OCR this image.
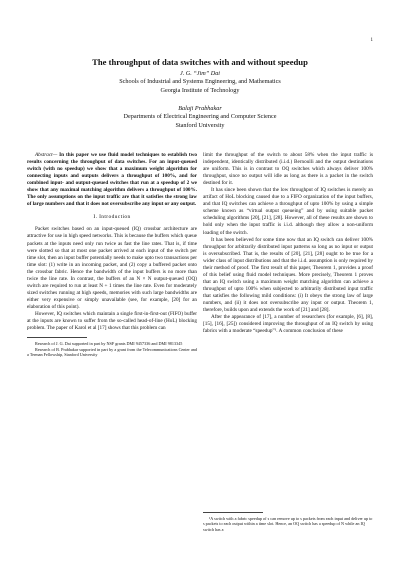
1
The throughput of data switches with and without speedup
J. G. “Jim” Dai
Schools of Industrial and Systems Engineering, and Mathematics
Georgia Institute of Technology
Balaji Prabhakar
Departments of Electrical Engineering and Computer Science
Stanford University

Abstract— In this paper we use fluid model techniques to establish two results concerning the throughput of data switches. For an input-queued switch (with no speedup) we show that a maximum weight algorithm for connecting inputs and outputs delivers a throughput of 100%, and for combined input- and output-queued switches that run at a speedup of 2 we show that any maximal matching algorithm delivers a throughput of 100%. The only assumptions on the input traffic are that it satisfies the strong law of large numbers and that it does not oversubscribe any input or any output.

I. Introduction

Packet switches based on an input-queued (IQ) crossbar architecture are attractive for use in high speed networks. This is because the buffers which queue packets at the inputs need only run twice as fast the line rates. That is, if time were slotted so that at most one packet arrived at each input of the switch per time slot, then an input buffer potentially needs to make upto two transactions per time slot: (1) write in an incoming packet, and (2) copy a buffered packet onto the crossbar fabric. Hence the bandwidth of the input buffers is no more than twice the line rate. In contrast, the buffers of an N × N output-queued (OQ) switch are required to run at least N + 1 times the line rate. Even for moderately sized switches running at high speeds, memories with such large bandwidths are either very expensive or simply unavailable (see, for example, [20] for an elaboration of this point).

However, IQ switches which maintain a single first-in-first-out (FIFO) buffer at the inputs are known to suffer from the so-called head-of-line (HoL) blocking problem. The paper of Karol et al [17] shows that this problem can

Research of J. G. Dai supported in part by NSF grants DMI 9457336 and DMI 9813345

Research of B. Prabhakar supported in part by a grant from the Telecommunications Center and a Terman Fellowship, Stanford University

limit the throughput of the switch to about 58% when the input traffic is independent, identically distributed (i.i.d.) Bernoulli and the output destinations are uniform. This is in contrast to OQ switches which always deliver 100% throughput, since no output will idle as long as there is a packet in the switch destined for it.

It has since been shown that the low throughput of IQ switches is merely an artifact of HoL blocking caused due to a FIFO organization of the input buffers, and that IQ switches can achieve a throughput of upto 100% by using a simple scheme known as “virtual output queueing” and by using suitable packet scheduling algorithms [20], [21], [28]. However, all of these results are shown to hold only when the input traffic is i.i.d. although they allow a non-uniform loading of the switch.

It has been believed for some time now that an IQ switch can deliver 100% throughput for arbitrarily distributed input patterns so long as no input or output is oversubscribed. That is, the results of [20], [21], [28] ought to be true for a wider class of input distributions and that the i.i.d. assumption is only required by their method of proof. The first result of this paper, Theorem 1, provides a proof of this belief using fluid model techniques. More precisely, Theorem 1 proves that an IQ switch using a maximum weight matching algorithm can achieve a throughput of upto 100% when subjected to arbitrarily distributed input traffic that satisfies the following mild conditions: (i) It obeys the strong law of large numbers, and (ii) it does not oversubscribe any input or output. Theorem 1, therefore, builds upon and extends the work of [21] and [28].

After the appearance of [17], a number of researchers (for example, [6], [8], [15], [16], [25]) considered improving the throughput of an IQ switch by using fabrics with a moderate “speedup”¹. A common conclusion of these

¹A switch with a fabric speedup of s can remove up to s packets from each input and deliver up to s packets to each output within a time slot. Hence, an OQ switch has a speedup of N while an IQ switch has a
